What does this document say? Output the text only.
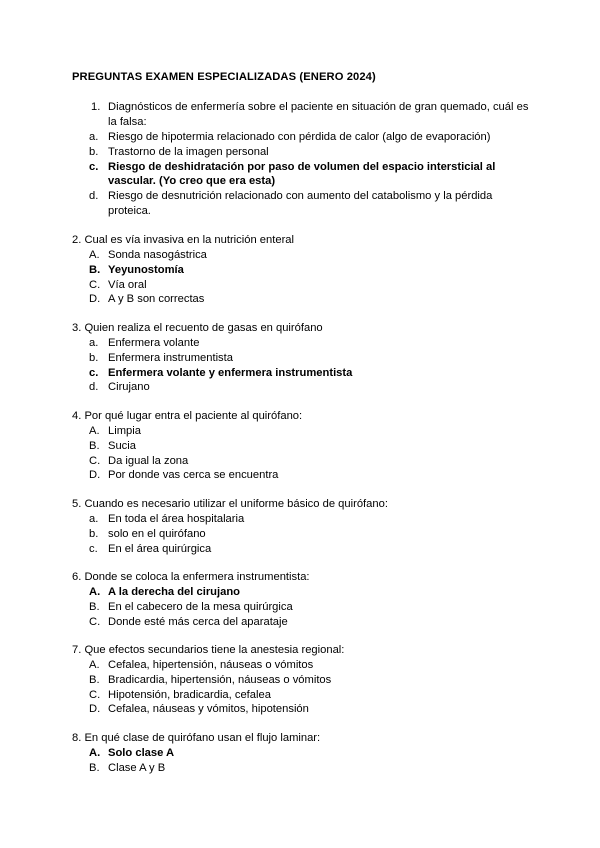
PREGUNTAS EXAMEN ESPECIALIZADAS (ENERO 2024)
1. Diagnósticos de enfermería sobre el paciente en situación de gran quemado, cuál es la falsa:
a. Riesgo de hipotermia relacionado con pérdida de calor (algo de evaporación)
b. Trastorno de la imagen personal
c. Riesgo de deshidratación por paso de volumen del espacio intersticial al vascular. (Yo creo que era esta)
d. Riesgo de desnutrición relacionado con aumento del catabolismo y la pérdida proteica.
2. Cual es vía invasiva en la nutrición enteral
A. Sonda nasogástrica
B. Yeyunostomía
C. Vía oral
D. A y B son correctas
3. Quien realiza el recuento de gasas en quirófano
a. Enfermera volante
b. Enfermera instrumentista
c. Enfermera volante y enfermera instrumentista
d. Cirujano
4. Por qué lugar entra el paciente al quirófano:
A. Limpia
B. Sucia
C. Da igual la zona
D. Por donde vas cerca se encuentra
5. Cuando es necesario utilizar el uniforme básico de quirófano:
a. En toda el área hospitalaria
b. solo en el quirófano
c. En el área quirúrgica
6. Donde se coloca la enfermera instrumentista:
A. A la derecha del cirujano
B. En el cabecero de la mesa quirúrgica
C. Donde esté más cerca del aparataje
7. Que efectos secundarios tiene la anestesia regional:
A. Cefalea, hipertensión, náuseas o vómitos
B. Bradicardia, hipertensión, náuseas o vómitos
C. Hipotensión, bradicardia, cefalea
D. Cefalea, náuseas y vómitos, hipotensión
8. En qué clase de quirófano usan el flujo laminar:
A. Solo clase A
B. Clase A y B
